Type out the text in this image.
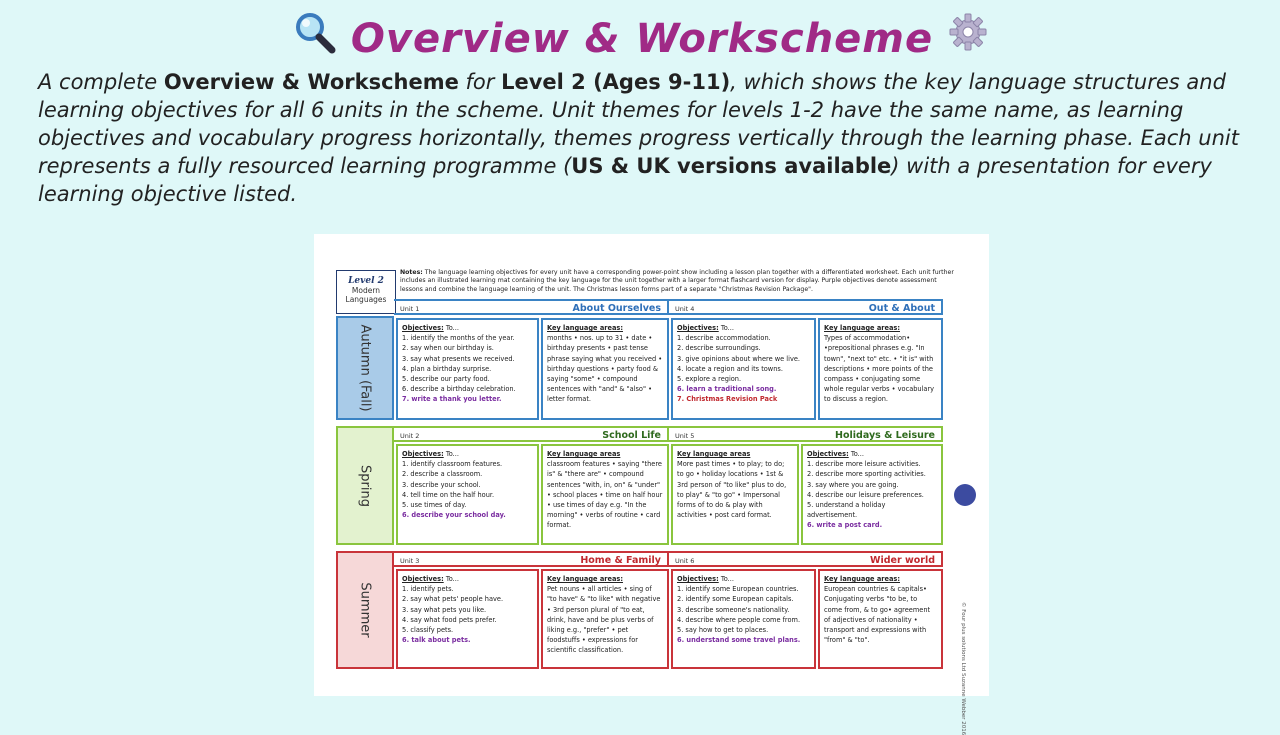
Overview & Workscheme
A complete Overview & Workscheme for Level 2 (Ages 9-11), which shows the key language structures and learning objectives for all 6 units in the scheme. Unit themes for levels 1-2 have the same name, as learning objectives and vocabulary progress horizontally, themes progress vertically through the learning phase. Each unit represents a fully resourced learning programme (US & UK versions available) with a presentation for every learning objective listed.
Level 2
Modern Languages
Notes: The language learning objectives for every unit have a corresponding power-point show including a lesson plan together with a differentiated worksheet. Each unit further includes an illustrated learning mat containing the key language for the unit together with a larger format flashcard version for display. Purple objectives denote assessment lessons and combine the language learning of the unit. The Christmas lesson forms part of a separate "Christmas Revision Package".
Autumn (Fall)
Unit 1	About Ourselves Unit 4	Out & About
Objectives: To...
1. identify the months of the year.
2. say when our birthday is.
3. say what presents we received.
4. plan a birthday surprise.
5. describe our party food.
6. describe a birthday celebration.
7. write a thank you letter.
Key language areas:
months • nos. up to 31 • date • birthday presents • past tense phrase saying what you received • birthday questions • party food & saying "some" • compound sentences with "and" & "also" • letter format.
Objectives: To...
1. describe accommodation.
2. describe surroundings.
3. give opinions about where we live.
4. locate a region and its towns.
5. explore a region.
6. learn a traditional song.
7. Christmas Revision Pack
Key language areas:
Types of accommodation• •prepositional phrases e.g. "In town", "next to" etc. • "it is" with descriptions • more points of the compass • conjugating some whole regular verbs • vocabulary to discuss a region.
Spring
Unit 2	School Life Unit 5	Holidays & Leisure
Objectives: To...
1. identify classroom features.
2. describe a classroom.
3. describe your school.
4. tell time on the half hour.
5. use times of day.
6. describe your school day.
Key language areas
classroom features • saying "there is" & "there are" • compound sentences "with, in, on" & "under" • school places • time on half hour • use times of day e.g. "In the morning" • verbs of routine • card format.
Key language areas
More past times • to play; to do; to go • holiday locations • 1st & 3rd person of "to like" plus to do, to play" & "to go" • Impersonal forms of to do & play with activities • post card format.
Objectives: To...
1. describe more leisure activities.
2. describe more sporting activities.
3. say where you are going.
4. describe our leisure preferences.
5. understand a holiday advertisement.
6. write a post card.
Summer
Unit 3	Home & Family Unit 6	Wider world
Objectives: To...
1. identify pets.
2. say what pets' people have.
3. say what pets you like.
4. say what food pets prefer.
5. classify pets.
6. talk about pets.
Key language areas:
Pet nouns • all articles • sing of "to have" & "to like" with negative • 3rd person plural of "to eat, drink, have and be plus verbs of liking e.g., "prefer" • pet foodstuffs • expressions for scientific classification.
Objectives: To...
1. identify some European countries.
2. identify some European capitals.
3. describe someone's nationality.
4. describe where people come from.
5. say how to get to places.
6. understand some travel plans.
Key language areas:
European countries & capitals• Conjugating verbs "to be, to come from, & to go• agreement of adjectives of nationality • transport and expressions with "from" & "to".	© Four plus solutions Ltd Suzanne Webber 2016
